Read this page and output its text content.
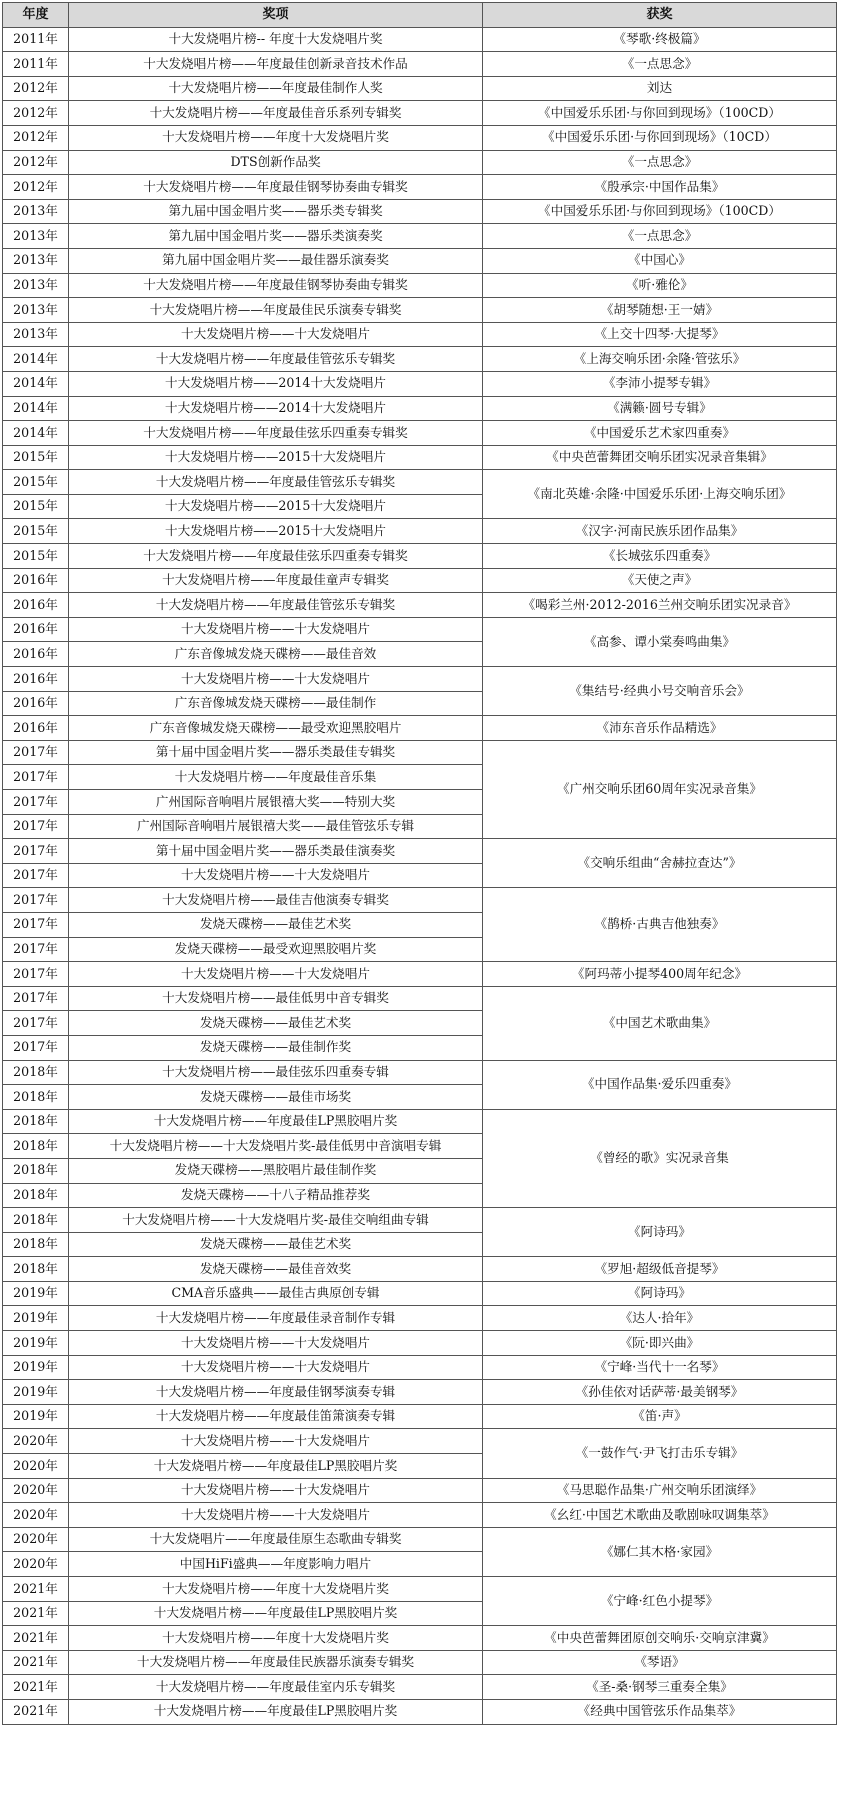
年度	奖项	获奖
2011年	十大发烧唱片榜-- 年度十大发烧唱片奖	《琴歌·终极篇》
2011年	十大发烧唱片榜——年度最佳创新录音技术作品	《一点思念》
2012年	十大发烧唱片榜——年度最佳制作人奖	刘达
2012年	十大发烧唱片榜——年度最佳音乐系列专辑奖	《中国爱乐乐团·与你回到现场》（100CD）
2012年	十大发烧唱片榜——年度十大发烧唱片奖	《中国爱乐乐团·与你回到现场》（10CD）
2012年	DTS创新作品奖	《一点思念》
2012年	十大发烧唱片榜——年度最佳钢琴协奏曲专辑奖	《殷承宗·中国作品集》
2013年	第九届中国金唱片奖——器乐类专辑奖	《中国爱乐乐团·与你回到现场》（100CD）
2013年	第九届中国金唱片奖——器乐类演奏奖	《一点思念》
2013年	第九届中国金唱片奖——最佳器乐演奏奖	《中国心》
2013年	十大发烧唱片榜——年度最佳钢琴协奏曲专辑奖	《听·雅伦》
2013年	十大发烧唱片榜——年度最佳民乐演奏专辑奖	《胡琴随想·王一婧》
2013年	十大发烧唱片榜——十大发烧唱片	《上交十四琴·大提琴》
2014年	十大发烧唱片榜——年度最佳管弦乐专辑奖	《上海交响乐团·余隆·管弦乐》
2014年	十大发烧唱片榜——2014十大发烧唱片	《李沛小提琴专辑》
2014年	十大发烧唱片榜——2014十大发烧唱片	《满籁·圆号专辑》
2014年	十大发烧唱片榜——年度最佳弦乐四重奏专辑奖	《中国爱乐艺术家四重奏》
2015年	十大发烧唱片榜——2015十大发烧唱片	《中央芭蕾舞团交响乐团实况录音集辑》
2015年	十大发烧唱片榜——年度最佳管弦乐专辑奖	《南北英雄·余隆·中国爱乐乐团·上海交响乐团》
2015年	十大发烧唱片榜——2015十大发烧唱片	
2015年	十大发烧唱片榜——2015十大发烧唱片	《汉字·河南民族乐团作品集》
2015年	十大发烧唱片榜——年度最佳弦乐四重奏专辑奖	《长城弦乐四重奏》
2016年	十大发烧唱片榜——年度最佳童声专辑奖	《天使之声》
2016年	十大发烧唱片榜——年度最佳管弦乐专辑奖	《喝彩兰州·2012-2016兰州交响乐团实况录音》
2016年	十大发烧唱片榜——十大发烧唱片	《高参、谭小棠奏鸣曲集》
2016年	广东音像城发烧天碟榜——最佳音效	
2016年	十大发烧唱片榜——十大发烧唱片	《集结号·经典小号交响音乐会》
2016年	广东音像城发烧天碟榜——最佳制作	
2016年	广东音像城发烧天碟榜——最受欢迎黑胶唱片	《沛东音乐作品精选》
2017年	第十届中国金唱片奖——器乐类最佳专辑奖	《广州交响乐团60周年实况录音集》
2017年	十大发烧唱片榜——年度最佳音乐集	
2017年	广州国际音响唱片展银禧大奖——特别大奖	
2017年	广州国际音响唱片展银禧大奖——最佳管弦乐专辑	
2017年	第十届中国金唱片奖——器乐类最佳演奏奖	《交响乐组曲“舍赫拉查达”》
2017年	十大发烧唱片榜——十大发烧唱片	
2017年	十大发烧唱片榜——最佳吉他演奏专辑奖	《鹊桥·古典吉他独奏》
2017年	发烧天碟榜——最佳艺术奖	
2017年	发烧天碟榜——最受欢迎黑胶唱片奖	
2017年	十大发烧唱片榜——十大发烧唱片	《阿玛蒂小提琴400周年纪念》
2017年	十大发烧唱片榜——最佳低男中音专辑奖	《中国艺术歌曲集》
2017年	发烧天碟榜——最佳艺术奖	
2017年	发烧天碟榜——最佳制作奖	
2018年	十大发烧唱片榜——最佳弦乐四重奏专辑	《中国作品集·爱乐四重奏》
2018年	发烧天碟榜——最佳市场奖	
2018年	十大发烧唱片榜——年度最佳LP黑胶唱片奖	《曾经的歌》实况录音集
2018年	十大发烧唱片榜——十大发烧唱片奖-最佳低男中音演唱专辑	
2018年	发烧天碟榜——黑胶唱片最佳制作奖	
2018年	发烧天碟榜——十八子精品推荐奖	
2018年	十大发烧唱片榜——十大发烧唱片奖-最佳交响组曲专辑	《阿诗玛》
2018年	发烧天碟榜——最佳艺术奖	
2018年	发烧天碟榜——最佳音效奖	《罗旭·超级低音提琴》
2019年	CMA音乐盛典——最佳古典原创专辑	《阿诗玛》
2019年	十大发烧唱片榜——年度最佳录音制作专辑	《达人·拾年》
2019年	十大发烧唱片榜——十大发烧唱片	《阮·即兴曲》
2019年	十大发烧唱片榜——十大发烧唱片	《宁峰·当代十一名琴》
2019年	十大发烧唱片榜——年度最佳钢琴演奏专辑	《孙佳依对话萨蒂·最美钢琴》
2019年	十大发烧唱片榜——年度最佳笛箫演奏专辑	《笛·声》
2020年	十大发烧唱片榜——十大发烧唱片	《一鼓作气·尹飞打击乐专辑》
2020年	十大发烧唱片榜——年度最佳LP黑胶唱片奖	
2020年	十大发烧唱片榜——十大发烧唱片	《马思聪作品集·广州交响乐团演绎》
2020年	十大发烧唱片榜——十大发烧唱片	《幺红·中国艺术歌曲及歌剧咏叹调集萃》
2020年	十大发烧唱片——年度最佳原生态歌曲专辑奖	《娜仁其木格·家园》
2020年	中国HiFi盛典——年度影响力唱片	
2021年	十大发烧唱片榜——年度十大发烧唱片奖	《宁峰·红色小提琴》
2021年	十大发烧唱片榜——年度最佳LP黑胶唱片奖	
2021年	十大发烧唱片榜——年度十大发烧唱片奖	《中央芭蕾舞团原创交响乐·交响京津冀》
2021年	十大发烧唱片榜——年度最佳民族器乐演奏专辑奖	《琴语》
2021年	十大发烧唱片榜——年度最佳室内乐专辑奖	《圣-桑·钢琴三重奏全集》
2021年	十大发烧唱片榜——年度最佳LP黑胶唱片奖	《经典中国管弦乐作品集萃》
